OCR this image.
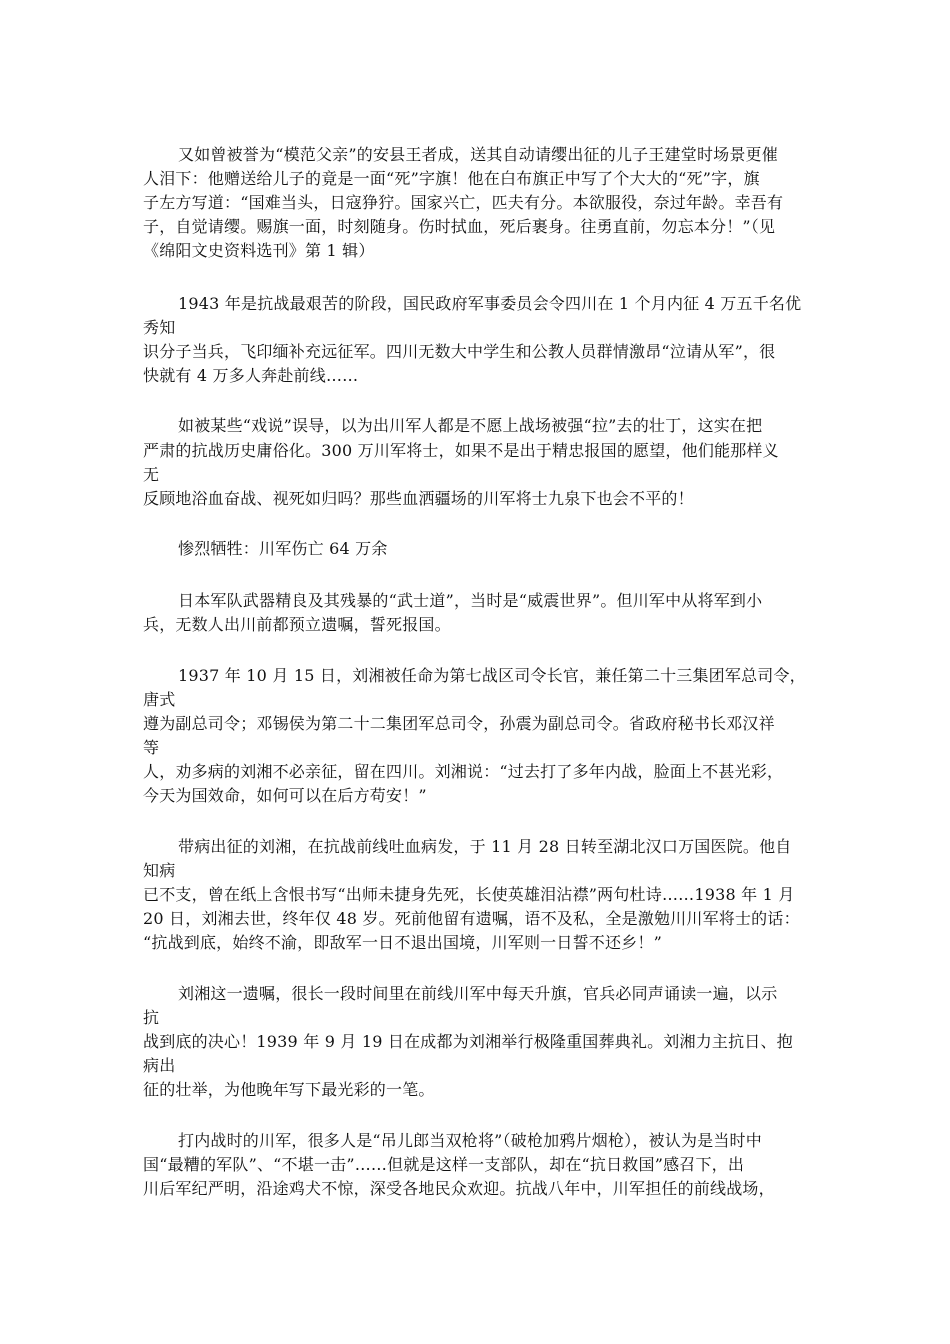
又如曾被誉为“模范父亲”的安县王者成，送其自动请缨出征的儿子王建堂时场景更催
人泪下：他赠送给儿子的竟是一面“死”字旗！他在白布旗正中写了个大大的“死”字，旗
子左方写道：“国难当头，日寇狰狞。国家兴亡，匹夫有分。本欲服役，奈过年龄。幸吾有
子，自觉请缨。赐旗一面，时刻随身。伤时拭血，死后裹身。往勇直前，勿忘本分！”（见
《绵阳文史资料选刊》第 1 辑）
1943 年是抗战最艰苦的阶段，国民政府军事委员会令四川在 1 个月内征 4 万五千名优
秀知
识分子当兵，飞印缅补充远征军。四川无数大中学生和公教人员群情激昂“泣请从军”，很
快就有 4 万多人奔赴前线……
如被某些“戏说”误导，以为出川军人都是不愿上战场被强“拉”去的壮丁，这实在把
严肃的抗战历史庸俗化。300 万川军将士，如果不是出于精忠报国的愿望，他们能那样义
无
反顾地浴血奋战、视死如归吗？那些血洒疆场的川军将士九泉下也会不平的！
惨烈牺牲：川军伤亡 64 万余
日本军队武器精良及其残暴的“武士道”，当时是“威震世界”。但川军中从将军到小
兵，无数人出川前都预立遗嘱，誓死报国。
1937 年 10 月 15 日，刘湘被任命为第七战区司令长官，兼任第二十三集团军总司令，
唐式
遵为副总司令；邓锡侯为第二十二集团军总司令，孙震为副总司令。省政府秘书长邓汉祥
等
人，劝多病的刘湘不必亲征，留在四川。刘湘说：“过去打了多年内战，脸面上不甚光彩，
今天为国效命，如何可以在后方苟安！”
带病出征的刘湘，在抗战前线吐血病发，于 11 月 28 日转至湖北汉口万国医院。他自
知病
已不支，曾在纸上含恨书写“出师未捷身先死，长使英雄泪沾襟”两句杜诗……1938 年 1 月
20 日，刘湘去世，终年仅 48 岁。死前他留有遗嘱，语不及私，全是激勉川川军将士的话：
“抗战到底，始终不渝，即敌军一日不退出国境，川军则一日誓不还乡！”
刘湘这一遗嘱，很长一段时间里在前线川军中每天升旗，官兵必同声诵读一遍，以示
抗
战到底的决心！1939 年 9 月 19 日在成都为刘湘举行极隆重国葬典礼。刘湘力主抗日、抱
病出
征的壮举，为他晚年写下最光彩的一笔。
打内战时的川军，很多人是“吊儿郎当双枪将”（破枪加鸦片烟枪），被认为是当时中
国“最糟的军队”、“不堪一击”……但就是这样一支部队，却在“抗日救国”感召下，出
川后军纪严明，沿途鸡犬不惊，深受各地民众欢迎。抗战八年中，川军担任的前线战场，
